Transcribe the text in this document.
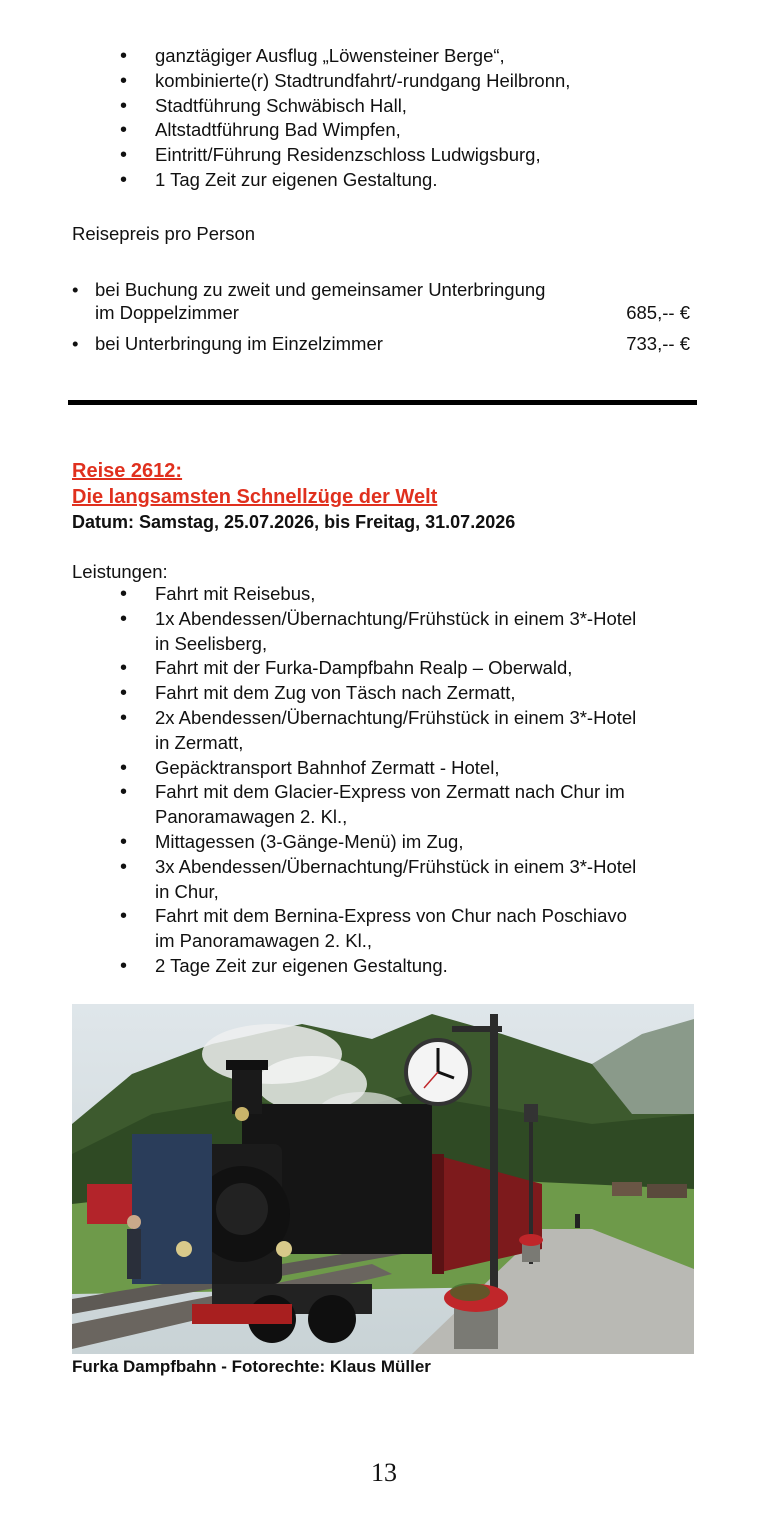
• ganztägiger Ausflug „Löwensteiner Berge“,
• kombinierte(r) Stadtrundfahrt/-rundgang Heilbronn,
• Stadtführung Schwäbisch Hall,
• Altstadtführung Bad Wimpfen,
• Eintritt/Führung Residenzschloss Ludwigsburg,
• 1 Tag Zeit zur eigenen Gestaltung.
Reisepreis pro Person
• bei Buchung zu zweit und gemeinsamer Unterbringung
im Doppelzimmer	685,-- €
• bei Unterbringung im Einzelzimmer	733,-- €
Reise 2612:
Die langsamsten Schnellzüge der Welt
Datum: Samstag, 25.07.2026, bis Freitag, 31.07.2026
Leistungen:
• Fahrt mit Reisebus,
• 1x Abendessen/Übernachtung/Frühstück in einem 3*-Hotel
in Seelisberg,
• Fahrt mit der Furka-Dampfbahn Realp – Oberwald,
• Fahrt mit dem Zug von Täsch nach Zermatt,
• 2x Abendessen/Übernachtung/Frühstück in einem 3*-Hotel
in Zermatt,
• Gepäcktransport Bahnhof Zermatt - Hotel,
• Fahrt mit dem Glacier-Express von Zermatt nach Chur im
Panoramawagen 2. Kl.,
• Mittagessen (3-Gänge-Menü) im Zug,
• 3x Abendessen/Übernachtung/Frühstück in einem 3*-Hotel
in Chur,
• Fahrt mit dem Bernina-Express von Chur nach Poschiavo
im Panoramawagen 2. Kl.,
• 2 Tage Zeit zur eigenen Gestaltung.
Furka Dampfbahn - Fotorechte: Klaus Müller
13
